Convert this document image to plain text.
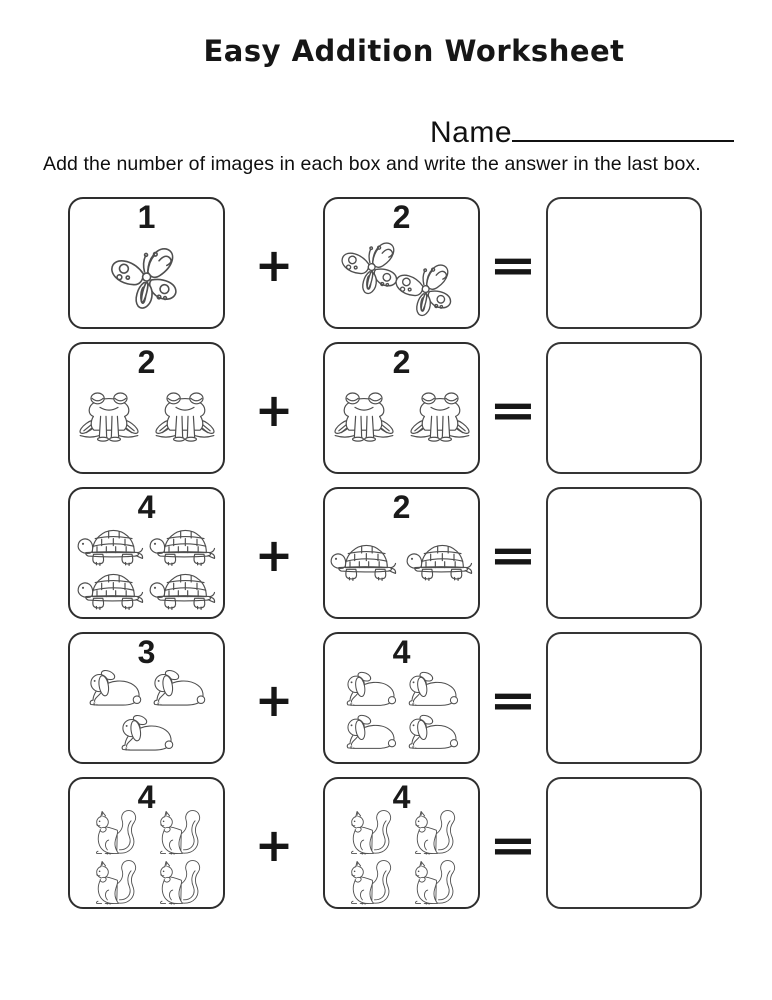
Easy Addition Worksheet
Name

Add the number of images in each box and write the answer in the last box.

1
+
2
=
2
+
2
=
4
+
2
=
3
+
4
=
4
+
4
=
